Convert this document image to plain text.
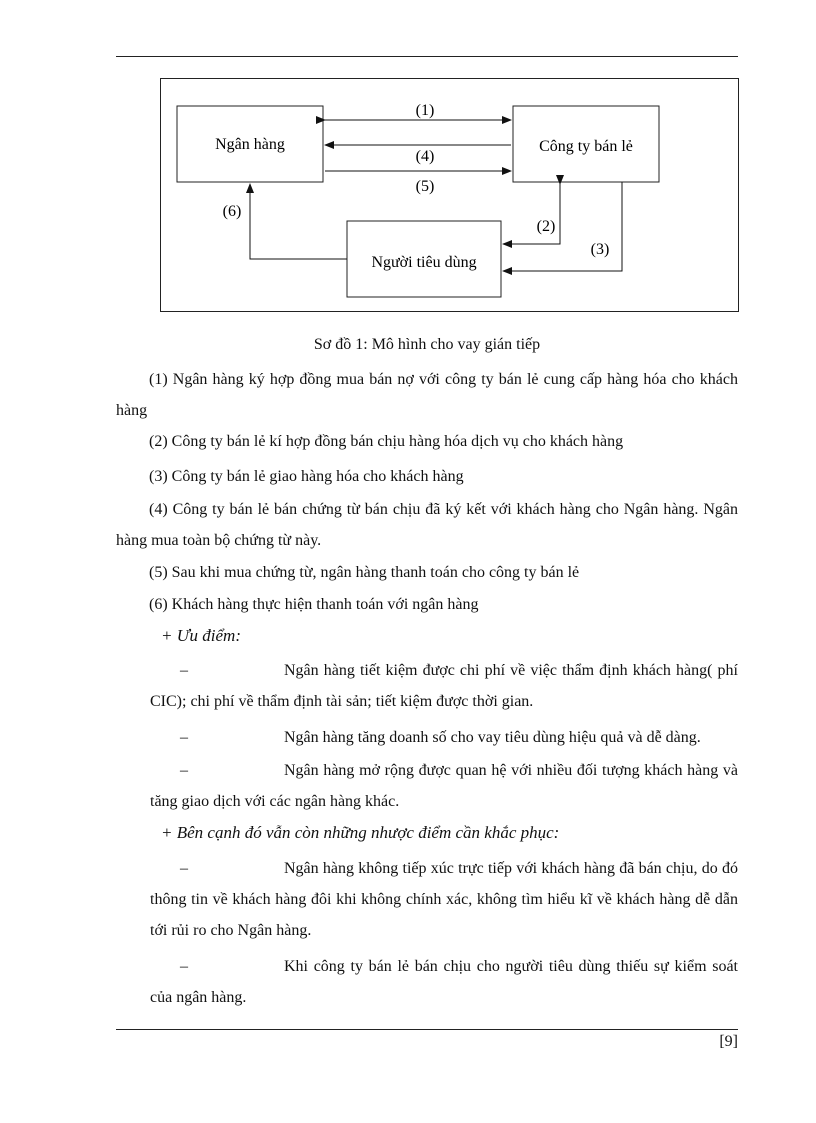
Ngân hàng	Công ty bán lẻ
Người tiêu dùng
(1)
(4)
(5)
(6)
(2)
(3)
Sơ đồ 1: Mô hình cho vay gián tiếp

(1) Ngân hàng ký hợp đồng mua bán nợ với công ty bán lẻ cung cấp hàng hóa cho khách hàng

(2) Công ty bán lẻ kí hợp đồng bán chịu hàng hóa dịch vụ cho khách hàng

(3) Công ty bán lẻ giao hàng hóa cho khách hàng

(4) Công ty bán lẻ bán chứng từ bán chịu đã ký kết với khách hàng cho Ngân hàng. Ngân hàng mua toàn bộ chứng từ này.

(5) Sau khi mua chứng từ, ngân hàng thanh toán cho công ty bán lẻ

(6) Khách hàng thực hiện thanh toán với ngân hàng

+ Ưu điểm:

–	Ngân hàng tiết kiệm được chi phí về việc thẩm định khách hàng( phí CIC); chi phí về thẩm định tài sản; tiết kiệm được thời gian.
–	Ngân hàng tăng doanh số cho vay tiêu dùng hiệu quả và dễ dàng.
–	Ngân hàng mở rộng được quan hệ với nhiều đối tượng khách hàng và tăng giao dịch với các ngân hàng khác.

+ Bên cạnh đó vẫn còn những nhược điểm cần khắc phục:

–	Ngân hàng không tiếp xúc trực tiếp với khách hàng đã bán chịu, do đó thông tin về khách hàng đôi khi không chính xác, không tìm hiểu kĩ về khách hàng dễ dẫn tới rủi ro cho Ngân hàng.
–	Khi công ty bán lẻ bán chịu cho người tiêu dùng thiếu sự kiểm soát của ngân hàng.
[9]
